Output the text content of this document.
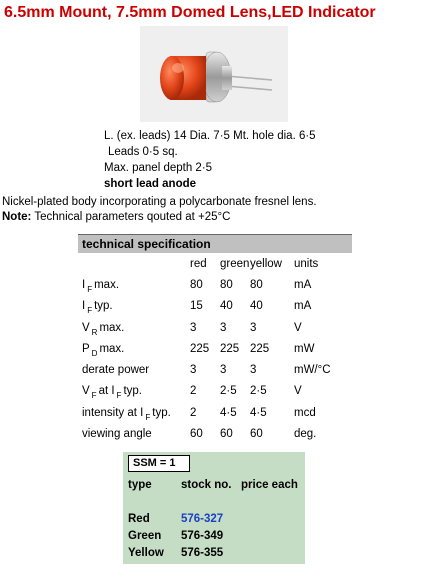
6.5mm Mount, 7.5mm Domed Lens,LED Indicator
L. (ex. leads) 14 Dia. 7·5 Mt. hole dia. 6·5
Leads 0·5 sq.
Max. panel depth 2·5
short lead anode
Nickel-plated body incorporating a polycarbonate fresnel lens.
Note: Technical parameters qouted at +25°C
technical specification
	red	green	yellow	units
I $_F$ max.	80	80	80	mA
I $_F$ typ.	15	40	40	mA
V $_R$ max.	3	3	3	V
P $_D$ max.	225	225	225	mW
derate power	3	3	3	mW/°C
V $_F$ at I $_F$ typ.	2	2·5	2·5	V
intensity at I $_F$ typ.	2	4·5	4·5	mcd
viewing angle	60	60	60	deg.
SSM = 1
type	stock no.	price each

Red	576-327	
Green	576-349	
Yellow	576-355	
